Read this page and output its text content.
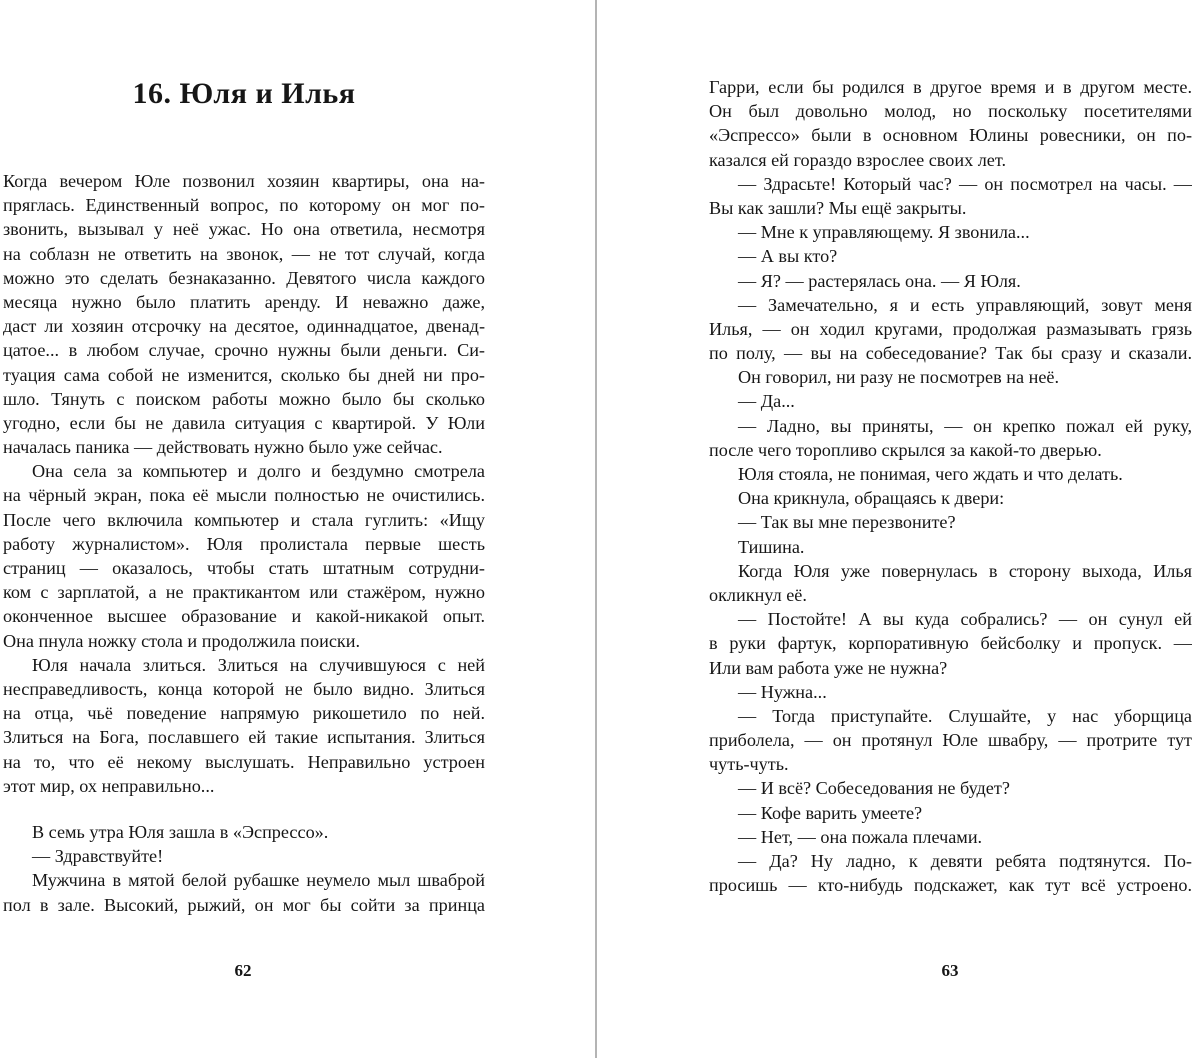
16. Юля и Илья
Когда вечером Юле позвонил хозяин квартиры, она на-
пряглась. Единственный вопрос, по которому он мог по-
звонить, вызывал у неё ужас. Но она ответила, несмотря
на соблазн не ответить на звонок, — не тот случай, когда
можно это сделать безнаказанно. Девятого числа каждого
месяца нужно было платить аренду. И неважно даже,
даст ли хозяин отсрочку на десятое, одиннадцатое, двенад-
цатое... в любом случае, срочно нужны были деньги. Си-
туация сама собой не изменится, сколько бы дней ни про-
шло. Тянуть с поиском работы можно было бы сколько
угодно, если бы не давила ситуация с квартирой. У Юли
началась паника — действовать нужно было уже сейчас.
Она села за компьютер и долго и бездумно смотрела
на чёрный экран, пока её мысли полностью не очистились.
После чего включила компьютер и стала гуглить: «Ищу
работу журналистом». Юля пролистала первые шесть
страниц — оказалось, чтобы стать штатным сотрудни-
ком с зарплатой, а не практикантом или стажёром, нужно
оконченное высшее образование и какой-никакой опыт.
Она пнула ножку стола и продолжила поиски.
Юля начала злиться. Злиться на случившуюся с ней
несправедливость, конца которой не было видно. Злиться
на отца, чьё поведение напрямую рикошетило по ней.
Злиться на Бога, пославшего ей такие испытания. Злиться
на то, что её некому выслушать. Неправильно устроен
этот мир, ох неправильно...
В семь утра Юля зашла в «Эспрессо».
— Здравствуйте!
Мужчина в мятой белой рубашке неумело мыл шваброй
пол в зале. Высокий, рыжий, он мог бы сойти за принца
62
Гарри, если бы родился в другое время и в другом месте.
Он был довольно молод, но поскольку посетителями
«Эспрессо» были в основном Юлины ровесники, он по-
казался ей гораздо взрослее своих лет.
— Здрасьте! Который час? — он посмотрел на часы. —
Вы как зашли? Мы ещё закрыты.
— Мне к управляющему. Я звонила...
— А вы кто?
— Я? — растерялась она. — Я Юля.
— Замечательно, я и есть управляющий, зовут меня
Илья, — он ходил кругами, продолжая размазывать грязь
по полу, — вы на собеседование? Так бы сразу и сказали.
Он говорил, ни разу не посмотрев на неё.
— Да...
— Ладно, вы приняты, — он крепко пожал ей руку,
после чего торопливо скрылся за какой-то дверью.
Юля стояла, не понимая, чего ждать и что делать.
Она крикнула, обращаясь к двери:
— Так вы мне перезвоните?
Тишина.
Когда Юля уже повернулась в сторону выхода, Илья
окликнул её.
— Постойте! А вы куда собрались? — он сунул ей
в руки фартук, корпоративную бейсболку и пропуск. —
Или вам работа уже не нужна?
— Нужна...
— Тогда приступайте. Слушайте, у нас уборщица
приболела, — он протянул Юле швабру, — протрите тут
чуть-чуть.
— И всё? Собеседования не будет?
— Кофе варить умеете?
— Нет, — она пожала плечами.
— Да? Ну ладно, к девяти ребята подтянутся. По-
просишь — кто-нибудь подскажет, как тут всё устроено.
63
